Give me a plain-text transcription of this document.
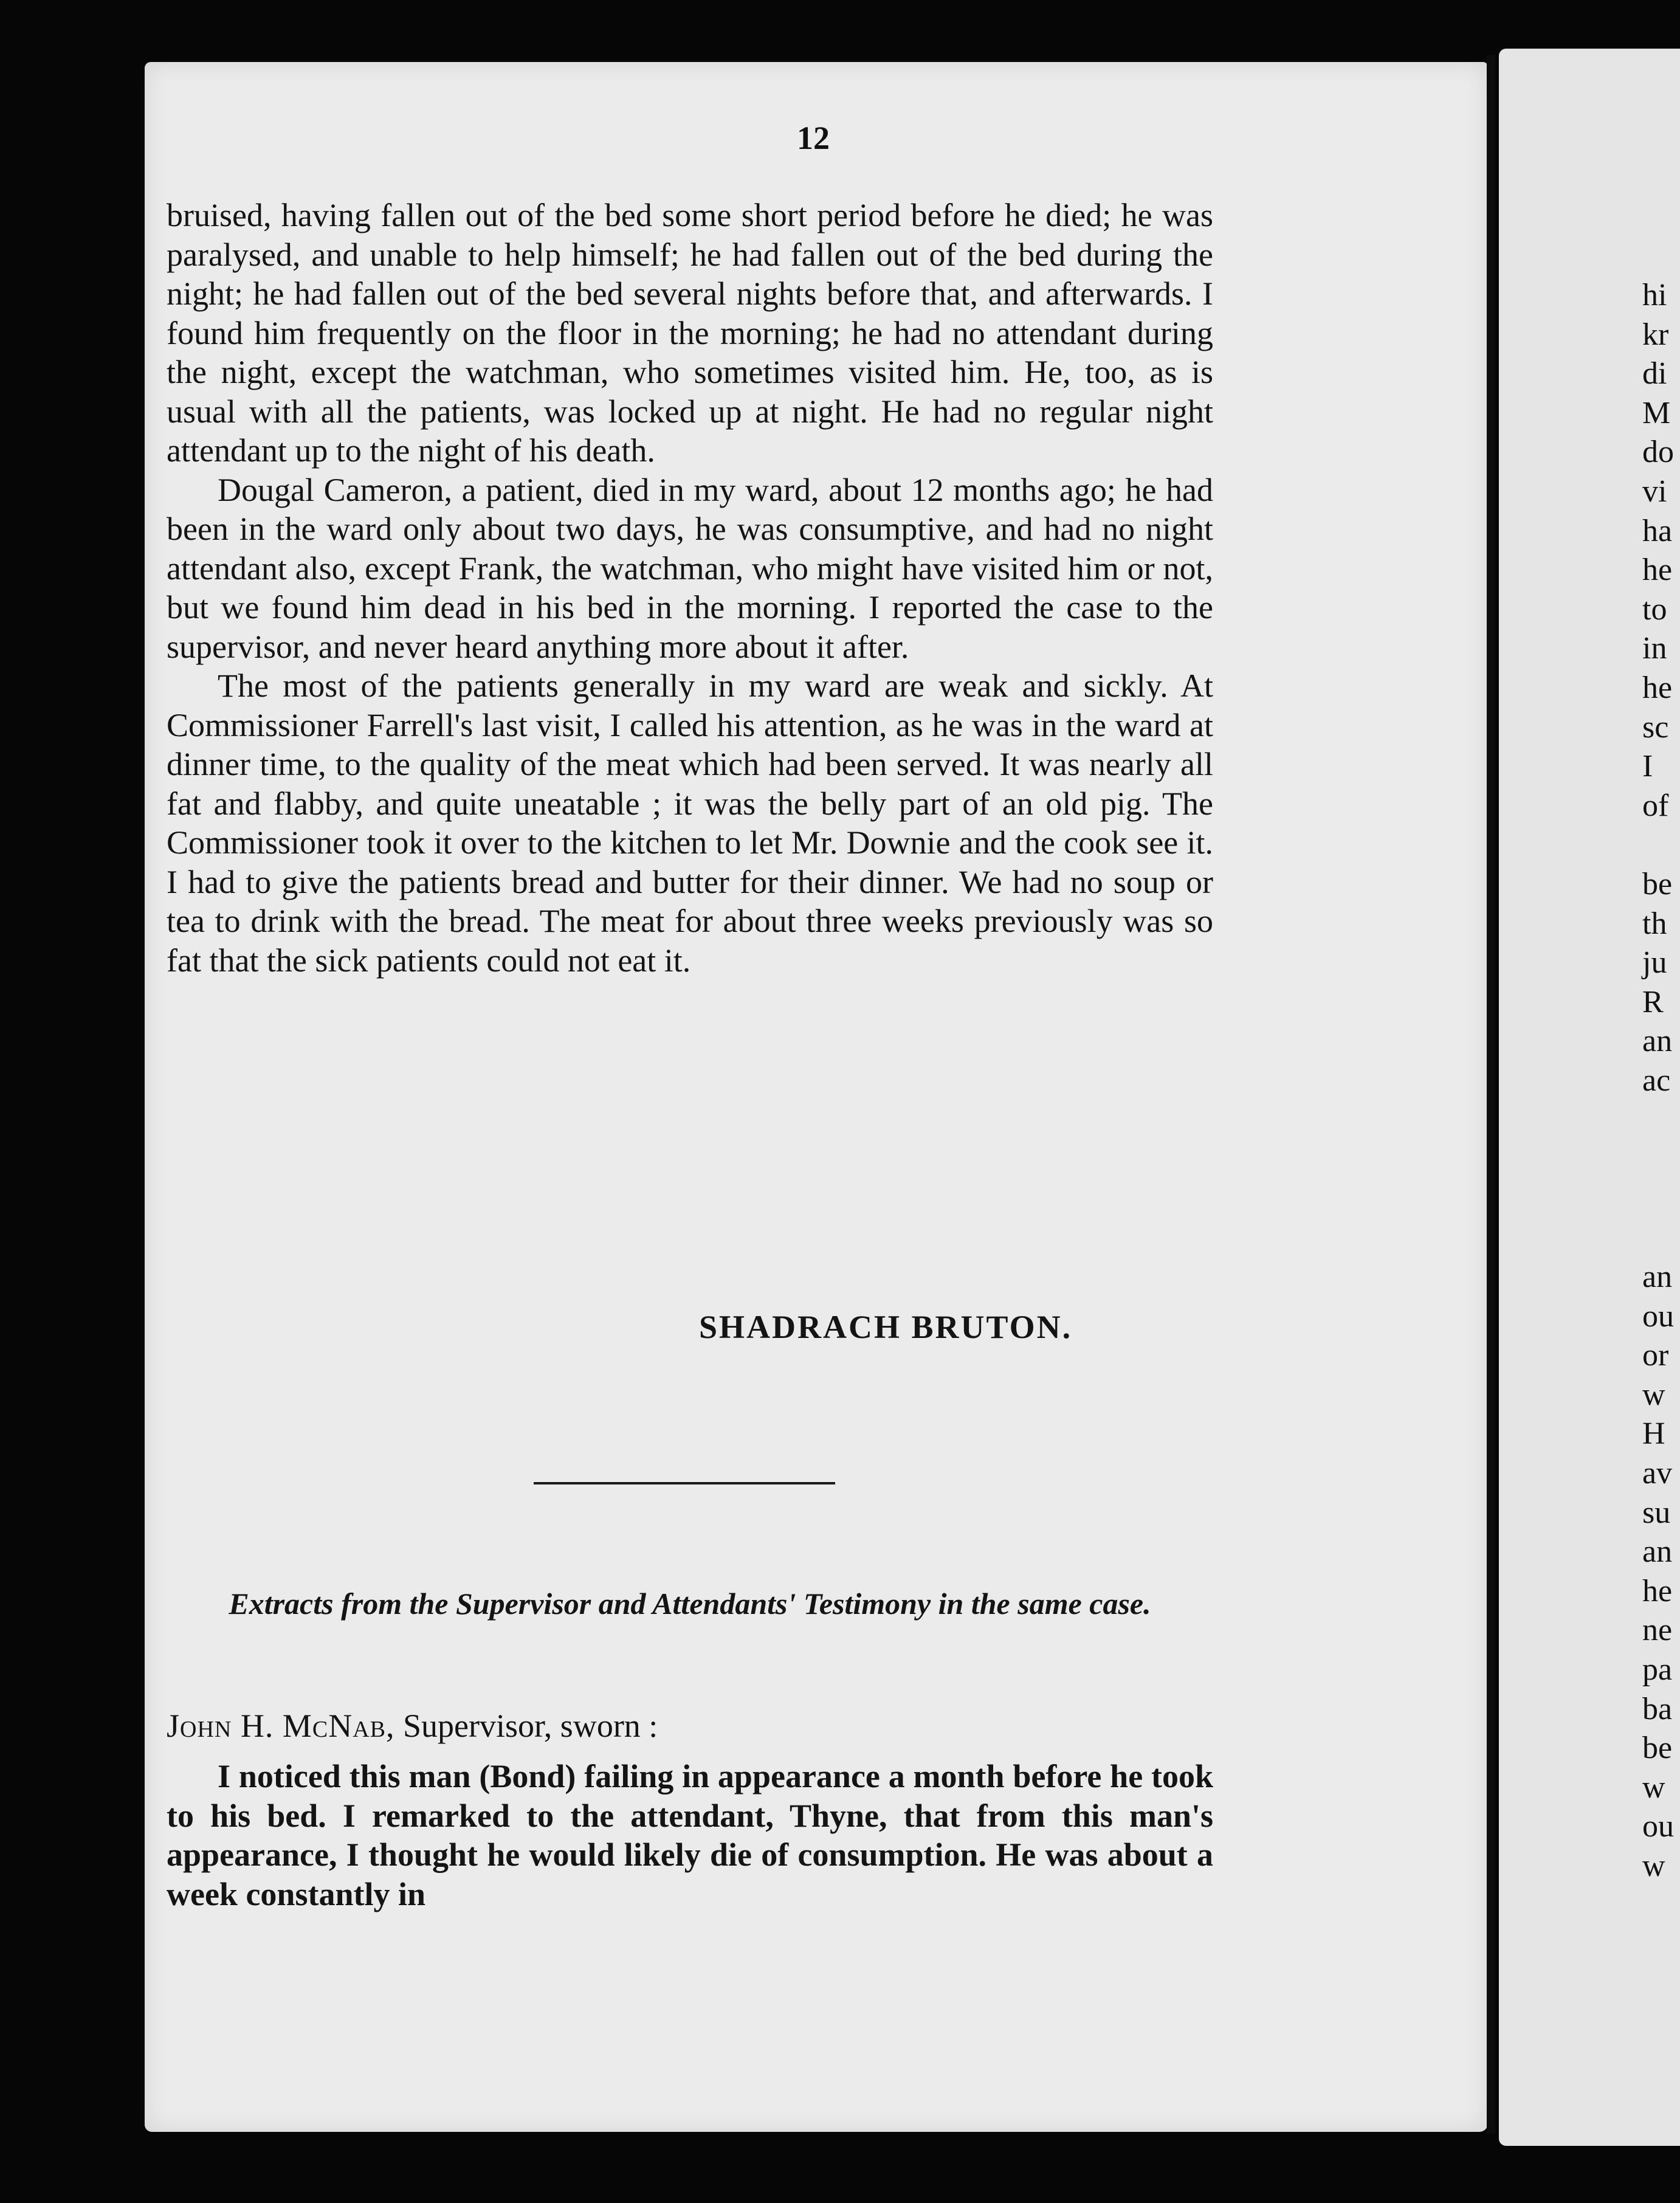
hi
kr
di
M
do
vi
ha
he
to
in
he
sc
I
of
be
th
ju
R
an
ac
an
ou
or
w
H
av
su
an
he
ne
pa
ba
be
w
ou
w
12

bruised, having fallen out of the bed some short period before he died; he was paralysed, and unable to help himself; he had fallen out of the bed during the night; he had fallen out of the bed several nights before that, and afterwards. I found him frequently on the floor in the morning; he had no attendant during the night, except the watchman, who sometimes visited him. He, too, as is usual with all the patients, was locked up at night. He had no regular night attendant up to the night of his death.

Dougal Cameron, a patient, died in my ward, about 12 months ago; he had been in the ward only about two days, he was consumptive, and had no night attendant also, except Frank, the watchman, who might have visited him or not, but we found him dead in his bed in the morning. I reported the case to the supervisor, and never heard anything more about it after.

The most of the patients generally in my ward are weak and sickly. At Commissioner Farrell's last visit, I called his attention, as he was in the ward at dinner time, to the quality of the meat which had been served. It was nearly all fat and flabby, and quite uneatable ; it was the belly part of an old pig. The Commissioner took it over to the kitchen to let Mr. Downie and the cook see it. I had to give the patients bread and butter for their dinner. We had no soup or tea to drink with the bread. The meat for about three weeks previously was so fat that the sick patients could not eat it.

SHADRACH BRUTON.
Extracts from the Supervisor and Attendants' Testimony in the same case.
John H. McNab, Supervisor, sworn :
I noticed this man (Bond) failing in appearance a month before he took to his bed. I remarked to the attendant, Thyne, that from this man's appearance, I thought he would likely die of consumption. He was about a week constantly in
